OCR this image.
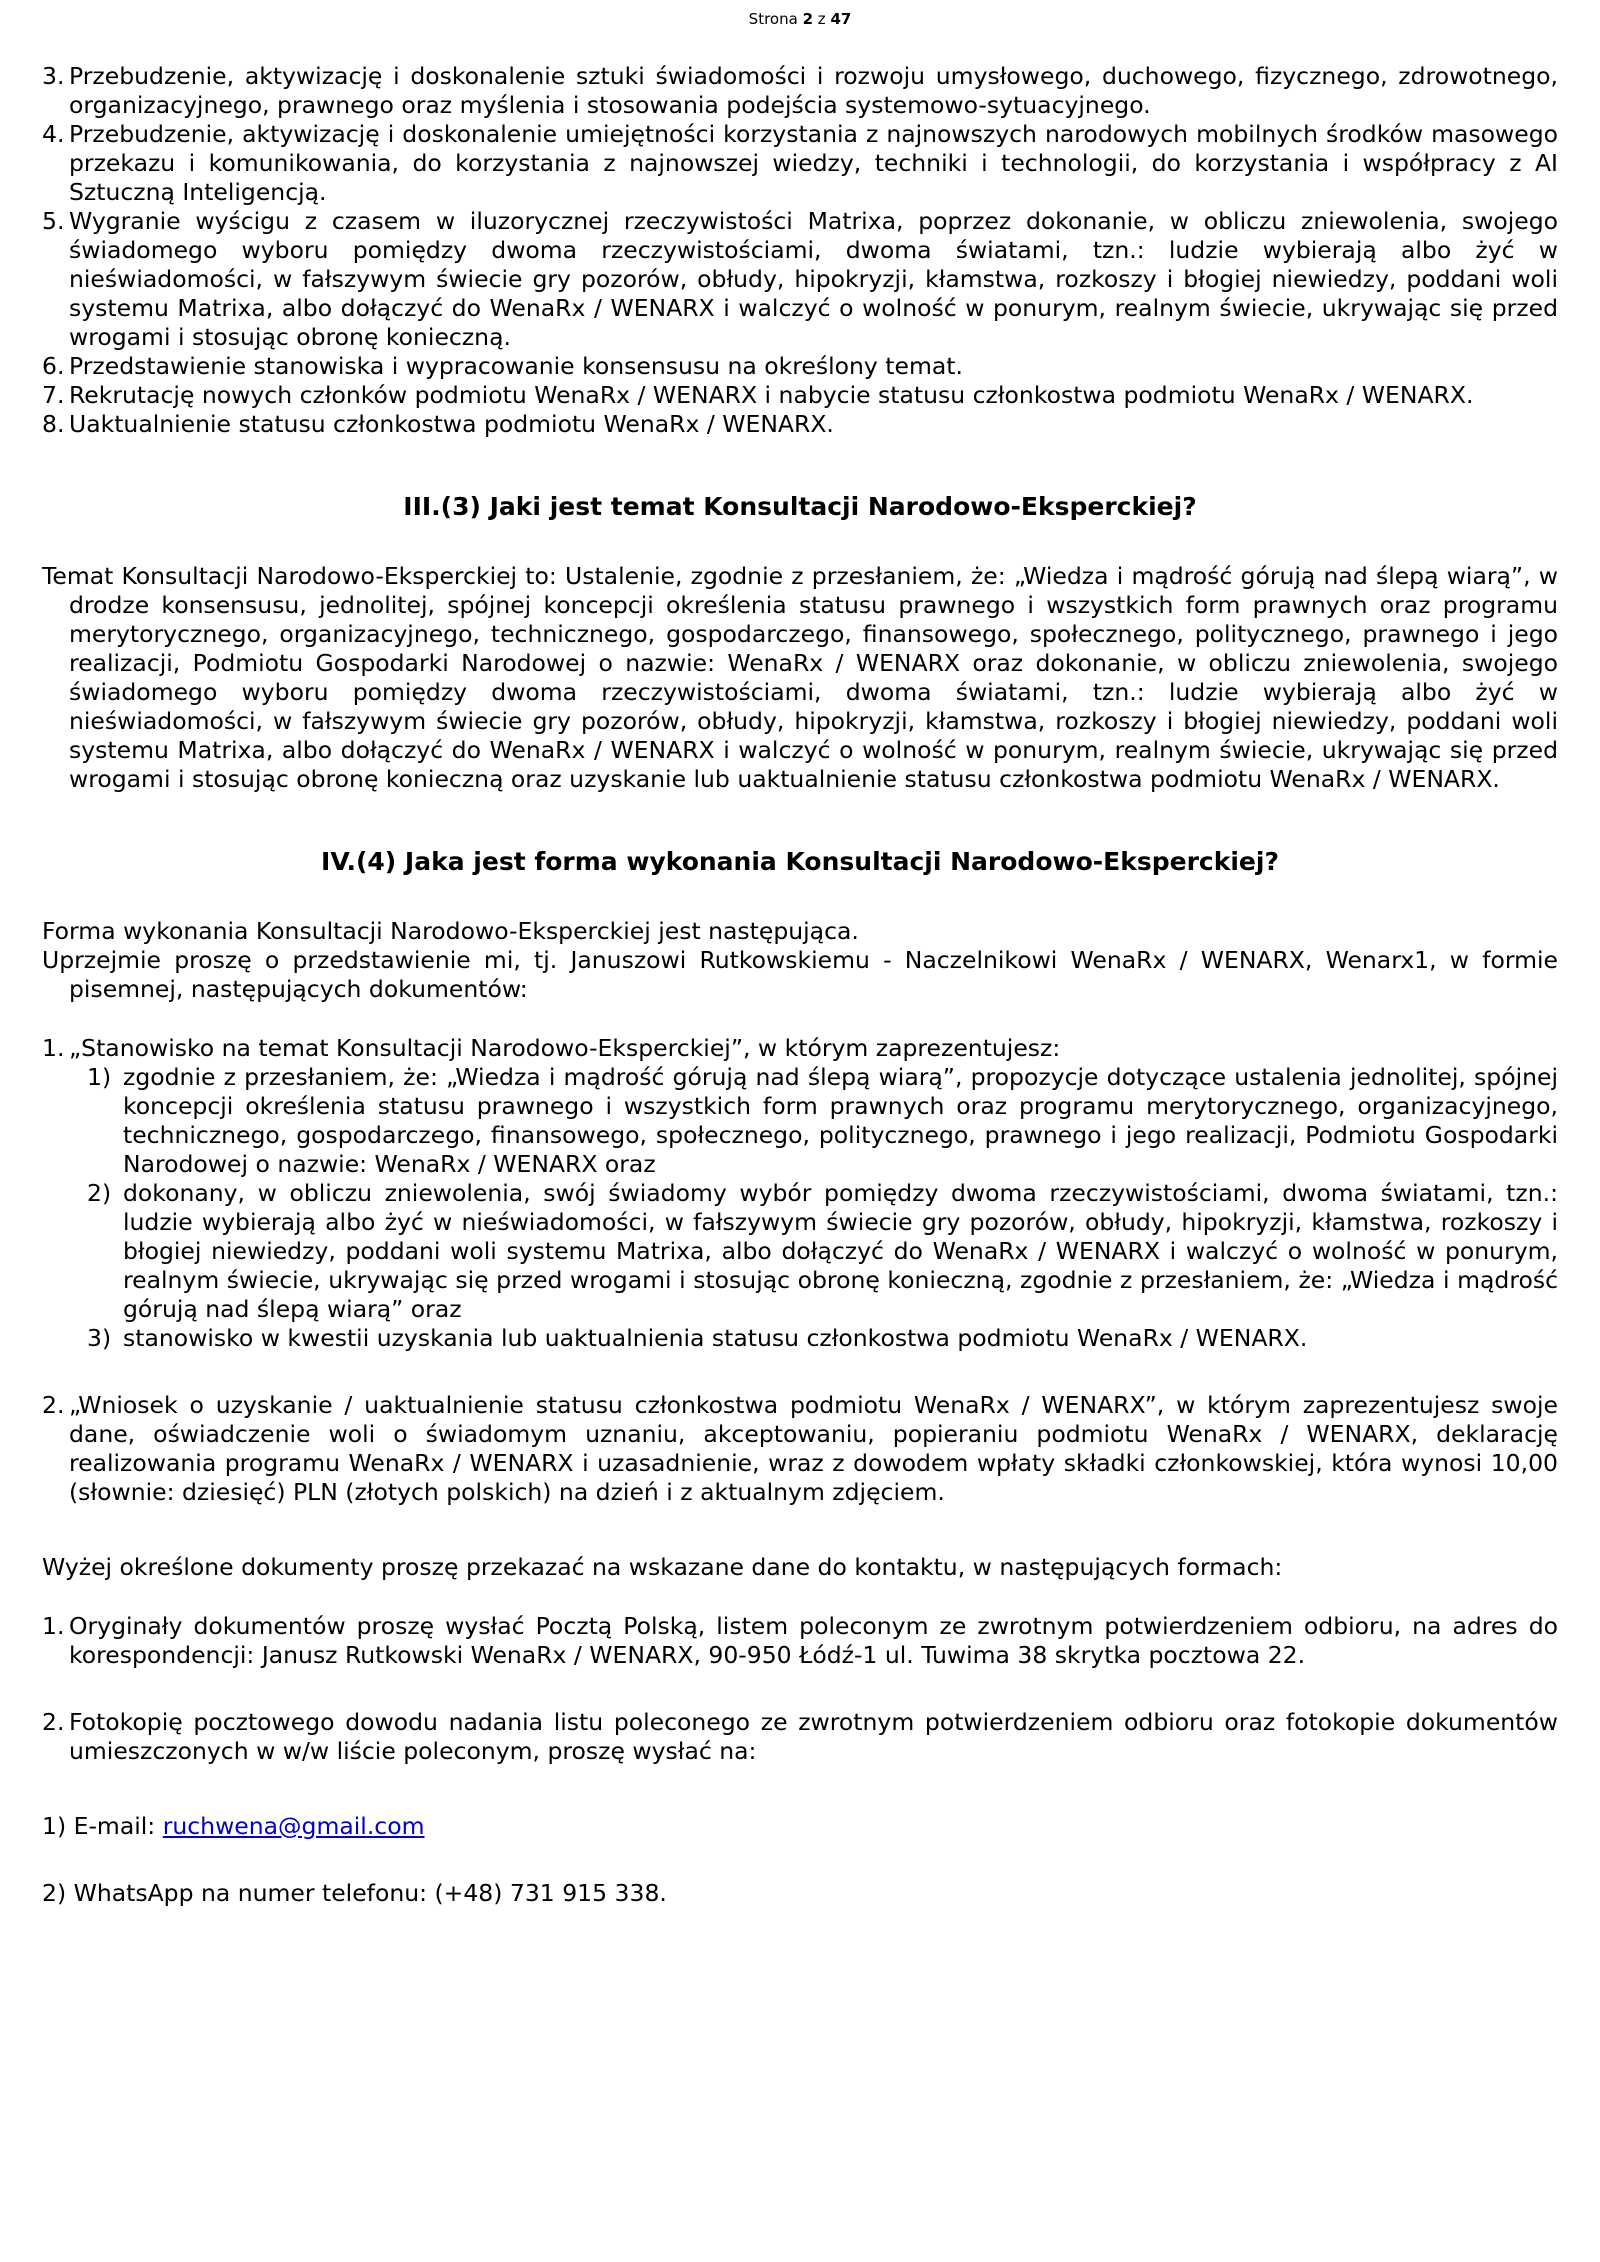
Strona 2 z 47
3. Przebudzenie, aktywizację i doskonalenie sztuki świadomości i rozwoju umysłowego, duchowego, fizycznego, zdrowotnego, organizacyjnego, prawnego oraz myślenia i stosowania podejścia systemowo-sytuacyjnego.
4. Przebudzenie, aktywizację i doskonalenie umiejętności korzystania z najnowszych narodowych mobilnych środków masowego przekazu i komunikowania, do korzystania z najnowszej wiedzy, techniki i technologii, do korzystania i współpracy z AI Sztuczną Inteligencją.
5. Wygranie wyścigu z czasem w iluzorycznej rzeczywistości Matrixa, poprzez dokonanie, w obliczu zniewolenia, swojego świadomego wyboru pomiędzy dwoma rzeczywistościami, dwoma światami, tzn.: ludzie wybierają albo żyć w nieświadomości, w fałszywym świecie gry pozorów, obłudy, hipokryzji, kłamstwa, rozkoszy i błogiej niewiedzy, poddani woli systemu Matrixa, albo dołączyć do WenaRx / WENARX i walczyć o wolność w ponurym, realnym świecie, ukrywając się przed wrogami i stosując obronę konieczną.
6. Przedstawienie stanowiska i wypracowanie konsensusu na określony temat.
7. Rekrutację nowych członków podmiotu WenaRx / WENARX i nabycie statusu członkostwa podmiotu WenaRx / WENARX.
8. Uaktualnienie statusu członkostwa podmiotu WenaRx / WENARX.
III.(3) Jaki jest temat Konsultacji Narodowo-Eksperckiej?

Temat Konsultacji Narodowo-Eksperckiej to: Ustalenie, zgodnie z przesłaniem, że: „Wiedza i mądrość górują nad ślepą wiarą”, w drodze konsensusu, jednolitej, spójnej koncepcji określenia statusu prawnego i wszystkich form prawnych oraz programu merytorycznego, organizacyjnego, technicznego, gospodarczego, finansowego, społecznego, politycznego, prawnego i jego realizacji, Podmiotu Gospodarki Narodowej o nazwie: WenaRx / WENARX oraz dokonanie, w obliczu zniewolenia, swojego świadomego wyboru pomiędzy dwoma rzeczywistościami, dwoma światami, tzn.: ludzie wybierają albo żyć w nieświadomości, w fałszywym świecie gry pozorów, obłudy, hipokryzji, kłamstwa, rozkoszy i błogiej niewiedzy, poddani woli systemu Matrixa, albo dołączyć do WenaRx / WENARX i walczyć o wolność w ponurym, realnym świecie, ukrywając się przed wrogami i stosując obronę konieczną oraz uzyskanie lub uaktualnienie statusu członkostwa podmiotu WenaRx / WENARX.

IV.(4) Jaka jest forma wykonania Konsultacji Narodowo-Eksperckiej?

Forma wykonania Konsultacji Narodowo-Eksperckiej jest następująca.

Uprzejmie proszę o przedstawienie mi, tj. Januszowi Rutkowskiemu - Naczelnikowi WenaRx / WENARX, Wenarx1, w formie pisemnej, następujących dokumentów:

1. „Stanowisko na temat Konsultacji Narodowo-Eksperckiej”, w którym zaprezentujesz:
1) zgodnie z przesłaniem, że: „Wiedza i mądrość górują nad ślepą wiarą”, propozycje dotyczące ustalenia jednolitej, spójnej koncepcji określenia statusu prawnego i wszystkich form prawnych oraz programu merytorycznego, organizacyjnego, technicznego, gospodarczego, finansowego, społecznego, politycznego, prawnego i jego realizacji, Podmiotu Gospodarki Narodowej o nazwie: WenaRx / WENARX oraz
2) dokonany, w obliczu zniewolenia, swój świadomy wybór pomiędzy dwoma rzeczywistościami, dwoma światami, tzn.: ludzie wybierają albo żyć w nieświadomości, w fałszywym świecie gry pozorów, obłudy, hipokryzji, kłamstwa, rozkoszy i błogiej niewiedzy, poddani woli systemu Matrixa, albo dołączyć do WenaRx / WENARX i walczyć o wolność w ponurym, realnym świecie, ukrywając się przed wrogami i stosując obronę konieczną, zgodnie z przesłaniem, że: „Wiedza i mądrość górują nad ślepą wiarą” oraz
3) stanowisko w kwestii uzyskania lub uaktualnienia statusu członkostwa podmiotu WenaRx / WENARX.
2. „Wniosek o uzyskanie / uaktualnienie statusu członkostwa podmiotu WenaRx / WENARX”, w którym zaprezentujesz swoje dane, oświadczenie woli o świadomym uznaniu, akceptowaniu, popieraniu podmiotu WenaRx / WENARX, deklarację realizowania programu WenaRx / WENARX i uzasadnienie, wraz z dowodem wpłaty składki członkowskiej, która wynosi 10,00 (słownie: dziesięć) PLN (złotych polskich) na dzień i z aktualnym zdjęciem.

Wyżej określone dokumenty proszę przekazać na wskazane dane do kontaktu, w następujących formach:

1. Oryginały dokumentów proszę wysłać Pocztą Polską, listem poleconym ze zwrotnym potwierdzeniem odbioru, na adres do korespondencji: Janusz Rutkowski WenaRx / WENARX, 90-950 Łódź-1 ul. Tuwima 38 skrytka pocztowa 22.
2. Fotokopię pocztowego dowodu nadania listu poleconego ze zwrotnym potwierdzeniem odbioru oraz fotokopie dokumentów umieszczonych w w/w liście poleconym, proszę wysłać na:

1) E-mail: ruchwena@gmail.com

2) WhatsApp na numer telefonu: (+48) 731 915 338.
